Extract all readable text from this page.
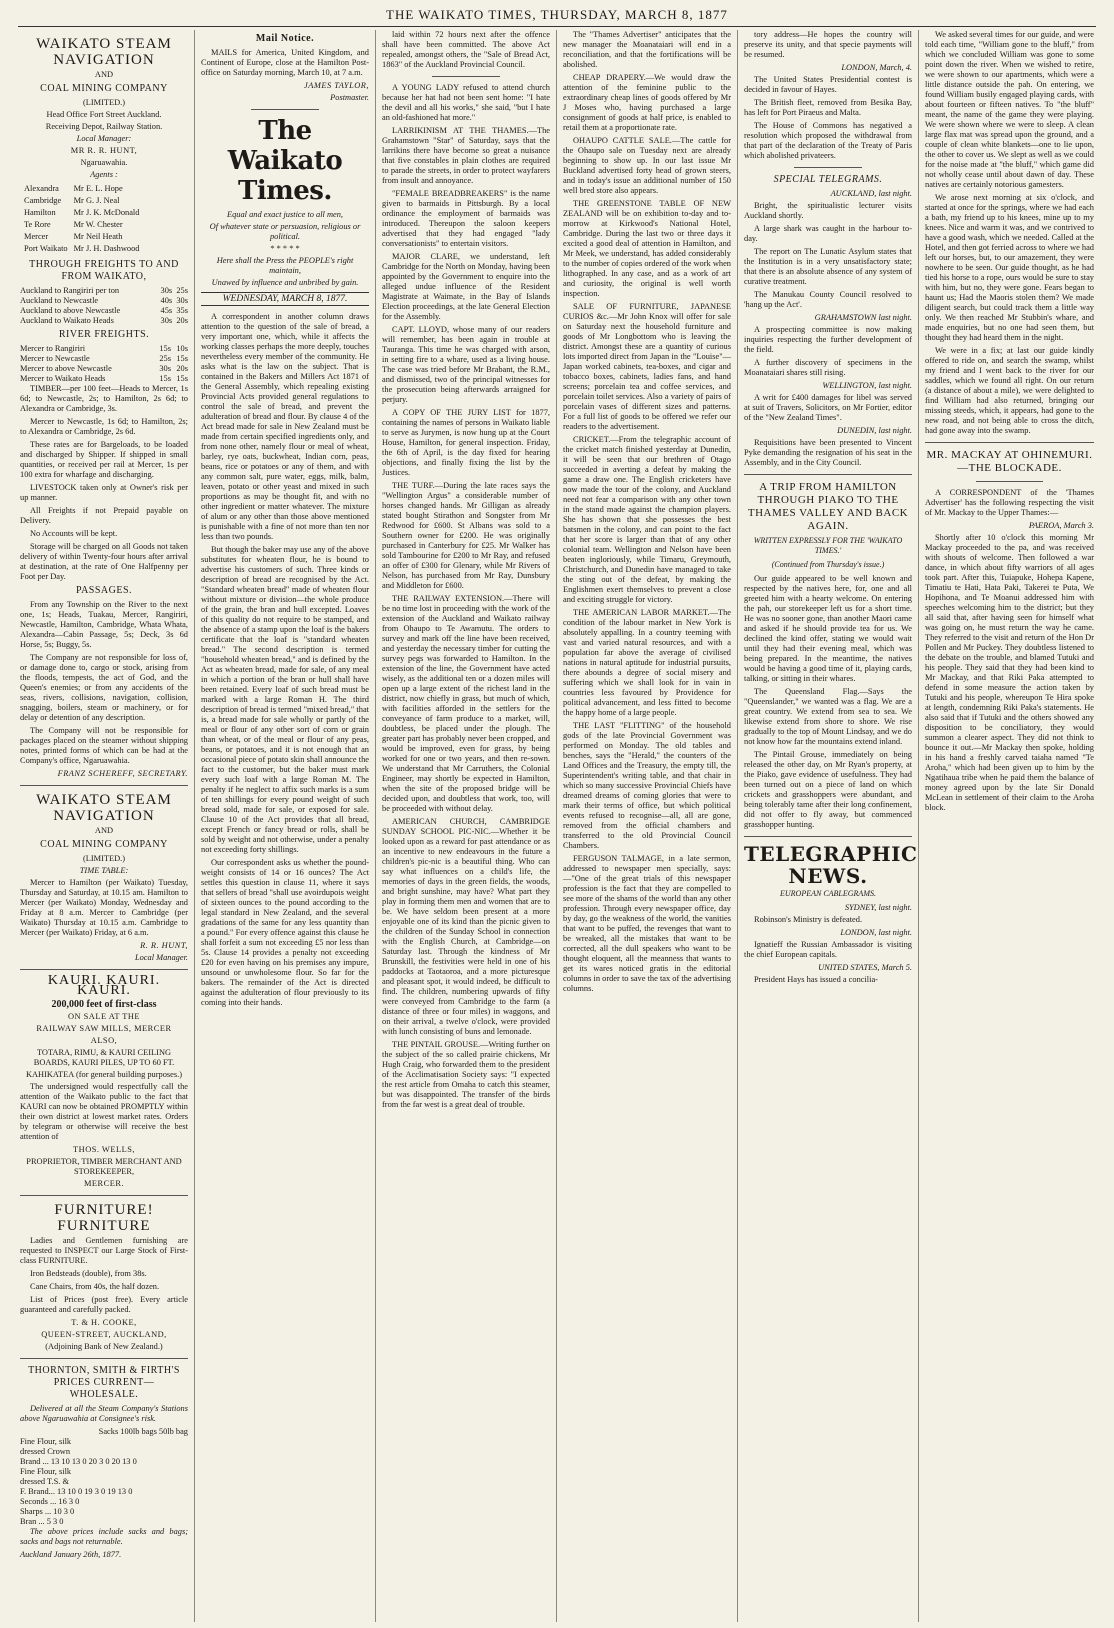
THE WAIKATO TIMES, THURSDAY, MARCH 8, 1877
WAIKATO STEAM NAVIGATION
AND
COAL MINING COMPANY
(LIMITED.)
Head Office Fort Street Auckland.
Receiving Depot, Railway Station.
Local Manager:
MR R. R. HUNT,
Ngaruawahia.
Agents :
Alexandra	Mr E. L. Hope
Cambridge	Mr G. J. Neal
Hamilton	Mr J. K. McDonald
Te Rore	Mr W. Chester
Mercer	Mr Neil Heath
Port Waikato	Mr J. H. Dashwood
THROUGH FREIGHTS TO AND FROM WAIKATO,
Auckland to Rangiriri per ton	30s	25s
Auckland to Newcastle	40s	30s
Auckland to above Newcastle	45s	35s
Auckland to Waikato Heads	30s	20s
RIVER FREIGHTS.
Mercer to Rangiriri	15s	10s
Mercer to Newcastle	25s	15s
Mercer to above Newcastle	30s	20s
Mercer to Waikato Heads	15s	15s

TIMBER—per 100 feet—Heads to Mercer, 1s 6d; to Newcastle, 2s; to Hamilton, 2s 6d; to Alexandra or Cambridge, 3s.

Mercer to Newcastle, 1s 6d; to Hamilton, 2s; to Alexandra or Cambridge, 2s 6d.

These rates are for Bargeloads, to be loaded and discharged by Shipper. If shipped in small quantities, or received per rail at Mercer, 1s per 100 extra for wharfage and discharging.

LIVESTOCK taken only at Owner's risk per up manner.

All Freights if not Prepaid payable on Delivery.

No Accounts will be kept.

Storage will be charged on all Goods not taken delivery of within Twenty-four hours after arrival at destination, at the rate of One Halfpenny per Foot per Day.

PASSAGES.

From any Township on the River to the next one, 1s; Heads, Tuakau, Mercer, Rangiriri, Newcastle, Hamilton, Cambridge, Whata Whata, Alexandra—Cabin Passage, 5s; Deck, 3s 6d Horse, 5s; Buggy, 5s.

The Company are not responsible for loss of, or damage done to, cargo or stock, arising from the floods, tempests, the act of God, and the Queen's enemies; or from any accidents of the seas, rivers, collisions, navigation, collision, snagging, boilers, steam or machinery, or for delay or detention of any description.

The Company will not be responsible for packages placed on the steamer without shipping notes, printed forms of which can be had at the Company's office, Ngaruawahia.

FRANZ SCHEREFF, SECRETARY.
WAIKATO STEAM NAVIGATION
AND
COAL MINING COMPANY
(LIMITED.)
TIME TABLE:

Mercer to Hamilton (per Waikato) Tuesday, Thursday and Saturday, at 10.15 am. Hamilton to Mercer (per Waikato) Monday, Wednesday and Friday at 8 a.m. Mercer to Cambridge (per Waikato) Thursday at 10.15 a.m. Cambridge to Mercer (per Waikato) Friday, at 6 a.m.

R. R. HUNT,
Local Manager.
KAURI. KAURI. KAURI.
200,000 feet of first-class
ON SALE AT THE
RAILWAY SAW MILLS, MERCER
ALSO,
TOTARA, RIMU, & KAURI CEILING BOARDS, KAURI PILES, UP TO 60 FT.
KAHIKATEA (for general building purposes.)

The undersigned would respectfully call the attention of the Waikato public to the fact that KAURI can now be obtained PROMPTLY within their own district at lowest market rates. Orders by telegram or otherwise will receive the best attention of

THOS. WELLS,
PROPRIETOR, TIMBER MERCHANT AND STOREKEEPER,
MERCER.
FURNITURE! FURNITURE

Ladies and Gentlemen furnishing are requested to INSPECT our Large Stock of First-class FURNITURE.

Iron Bedsteads (double), from 38s.

Cane Chairs, from 40s, the half dozen.

List of Prices (post free). Every article guaranteed and carefully packed.

T. & H. COOKE,
QUEEN-STREET, AUCKLAND,
(Adjoining Bank of New Zealand.)
THORNTON, SMITH & FIRTH'S PRICES CURRENT—WHOLESALE.

Delivered at all the Steam Company's Stations above Ngaruawahia at Consignee's risk.

Sacks 100lb bags 50lb bag
Fine Flour, silk
dressed Crown
Brand ... 13 10 13 0 20 3 0 20 13 0
Fine Flour, silk
dressed T.S. &
F. Brand... 13 10 0 19 3 0 19 13 0
Seconds ... 16 3 0
Sharps ... 10 3 0
Bran ... 5 3 0

The above prices include sacks and bags; sacks and bags not returnable.

Auckland January 26th, 1877.
Mail Notice.

MAILS for America, United Kingdom, and Continent of Europe, close at the Hamilton Post-office on Saturday morning, March 10, at 7 a.m.

JAMES TAYLOR,
Postmaster.
The Waikato Times.
Equal and exact justice to all men,
Of whatever state or persuasion, religious or political.
* * * * *
Here shall the Press the PEOPLE's right maintain,
Unawed by influence and unbribed by gain.
WEDNESDAY, MARCH 8, 1877.

A correspondent in another column draws attention to the question of the sale of bread, a very important one, which, while it affects the working classes perhaps the more deeply, touches nevertheless every member of the community. He asks what is the law on the subject. That is contained in the Bakers and Millers Act 1871 of the General Assembly, which repealing existing Provincial Acts provided general regulations to control the sale of bread, and prevent the adulteration of bread and flour. By clause 4 of the Act bread made for sale in New Zealand must be made from certain specified ingredients only, and from none other, namely flour or meal of wheat, barley, rye oats, buckwheat, Indian corn, peas, beans, rice or potatoes or any of them, and with any common salt, pure water, eggs, milk, balm, leaven, potato or other yeast and mixed in such proportions as may be thought fit, and with no other ingredient or matter whatever. The mixture of alum or any other than those above mentioned is punishable with a fine of not more than ten nor less than two pounds.

But though the baker may use any of the above substitutes for wheaten flour, he is bound to advertise his customers of such. Three kinds or description of bread are recognised by the Act. "Standard wheaten bread" made of wheaten flour without mixture or division—the whole produce of the grain, the bran and hull excepted. Loaves of this quality do not require to be stamped, and the absence of a stamp upon the loaf is the bakers certificate that the loaf is "standard wheaten bread." The second description is termed "household wheaten bread," and is defined by the Act as wheaten bread, made for sale, of any meal in which a portion of the bran or hull shall have been retained. Every loaf of such bread must be marked with a large Roman H. The third description of bread is termed "mixed bread," that is, a bread made for sale wholly or partly of the meal or flour of any other sort of corn or grain than wheat, or of the meal or flour of any peas, beans, or potatoes, and it is not enough that an occasional piece of potato skin shall announce the fact to the customer, but the baker must mark every such loaf with a large Roman M. The penalty if he neglect to affix such marks is a sum of ten shillings for every pound weight of such bread sold, made for sale, or exposed for sale. Clause 10 of the Act provides that all bread, except French or fancy bread or rolls, shall be sold by weight and not otherwise, under a penalty not exceeding forty shillings.

Our correspondent asks us whether the pound-weight consists of 14 or 16 ounces? The Act settles this question in clause 11, where it says that sellers of bread "shall use avoirdupois weight of sixteen ounces to the pound according to the legal standard in New Zealand, and the several gradations of the same for any less quantity than a pound." For every offence against this clause he shall forfeit a sum not exceeding £5 nor less than 5s. Clause 14 provides a penalty not exceeding £20 for even having on his premises any impure, unsound or unwholesome flour. So far for the bakers. The remainder of the Act is directed against the adulteration of flour previously to its coming into their hands.

laid within 72 hours next after the offence shall have been committed. The above Act repealed, amongst others, the "Sale of Bread Act, 1863" of the Auckland Provincial Council.

A YOUNG LADY refused to attend church because her hat had not been sent home: "I hate the devil and all his works," she said, "but I hate an old-fashioned hat more."

LARRIKINISM AT THE THAMES.—The Grahamstown "Star" of Saturday, says that the larrikins there have become so great a nuisance that five constables in plain clothes are required to parade the streets, in order to protect wayfarers from insult and annoyance.

"FEMALE BREADBREAKERS" is the name given to barmaids in Pittsburgh. By a local ordinance the employment of barmaids was introduced. Thereupon the saloon keepers advertised that they had engaged "lady conversationists" to entertain visitors.

MAJOR CLARE, we understand, left Cambridge for the North on Monday, having been appointed by the Government to enquire into the alleged undue influence of the Resident Magistrate at Waimate, in the Bay of Islands Election proceedings, at the late General Election for the Assembly.

CAPT. LLOYD, whose many of our readers will remember, has been again in trouble at Tauranga. This time he was charged with arson, in setting fire to a whare, used as a living house. The case was tried before Mr Brabant, the R.M., and dismissed, two of the principal witnesses for the prosecution being afterwards arraigned for perjury.

A COPY OF THE JURY LIST for 1877, containing the names of persons in Waikato liable to serve as Jurymen, is now hung up at the Court House, Hamilton, for general inspection. Friday, the 6th of April, is the day fixed for hearing objections, and finally fixing the list by the Justices.

THE TURF.—During the late races says the "Wellington Argus" a considerable number of horses changed hands. Mr Gilligan as already stated bought Stirathon and Songster from Mr Redwood for £600. St Albans was sold to a Southern owner for £200. He was originally purchased in Canterbury for £25. Mr Walker has sold Tambourine for £200 to Mr Ray, and refused an offer of £300 for Glenary, while Mr Rivers of Nelson, has purchased from Mr Ray, Dunsbury and Middleton for £600.

THE RAILWAY EXTENSION.—There will be no time lost in proceeding with the work of the extension of the Auckland and Waikato railway from Ohaupo to Te Awamutu. The orders to survey and mark off the line have been received, and yesterday the necessary timber for cutting the survey pegs was forwarded to Hamilton. In the extension of the line, the Government have acted wisely, as the additional ten or a dozen miles will open up a large extent of the richest land in the district, now chiefly in grass, but much of which, with facilities afforded in the settlers for the conveyance of farm produce to a market, will, doubtless, be placed under the plough. The greater part has probably never been cropped, and would be improved, even for grass, by being worked for one or two years, and then re-sown. We understand that Mr Carruthers, the Colonial Engineer, may shortly be expected in Hamilton, when the site of the proposed bridge will be decided upon, and doubtless that work, too, will be proceeded with without delay.

AMERICAN CHURCH, CAMBRIDGE SUNDAY SCHOOL PIC-NIC.—Whether it be looked upon as a reward for past attendance or as an incentive to new endeavours in the future a children's pic-nic is a beautiful thing. Who can say what influences on a child's life, the memories of days in the green fields, the woods, and bright sunshine, may have? What part they play in forming them men and women that are to be. We have seldom been present at a more enjoyable one of its kind than the picnic given to the children of the Sunday School in connection with the English Church, at Cambridge—on Saturday last. Through the kindness of Mr Brunskill, the festivities were held in one of his paddocks at Taotaoroa, and a more picturesque and pleasant spot, it would indeed, be difficult to find. The children, numbering upwards of fifty were conveyed from Cambridge to the farm (a distance of three or four miles) in waggons, and on their arrival, a twelve o'clock, were provided with lunch consisting of buns and lemonade.

THE PINTAIL GROUSE.—Writing further on the subject of the so called prairie chickens, Mr Hugh Craig, who forwarded them to the president of the Acclimatisation Society says: "I expected the rest article from Omaha to catch this steamer, but was disappointed. The transfer of the birds from the far west is a great deal of trouble.

The "Thames Advertiser" anticipates that the new manager the Moanataiari will end in a reconciliation, and that the fortifications will be abolished.

CHEAP DRAPERY.—We would draw the attention of the feminine public to the extraordinary cheap lines of goods offered by Mr J Moses who, having purchased a large consignment of goods at half price, is enabled to retail them at a proportionate rate.

OHAUPO CATTLE SALE.—The cattle for the Ohaupo sale on Tuesday next are already beginning to show up. In our last issue Mr Buckland advertised forty head of grown steers, and in today's issue an additional number of 150 well bred store also appears.

THE GREENSTONE TABLE OF NEW ZEALAND will be on exhibition to-day and to-morrow at Kirkwood's National Hotel, Cambridge. During the last two or three days it excited a good deal of attention in Hamilton, and Mr Meek, we understand, has added considerably to the number of copies ordered of the work when lithographed. In any case, and as a work of art and curiosity, the original is well worth inspection.

SALE OF FURNITURE, JAPANESE CURIOS &c.—Mr John Knox will offer for sale on Saturday next the household furniture and goods of Mr Longbottom who is leaving the district. Amongst these are a quantity of curious lots imported direct from Japan in the "Louise"—Japan worked cabinets, tea-boxes, and cigar and tobacco boxes, cabinets, ladies fans, and hand screens; porcelain tea and coffee services, and porcelain toilet services. Also a variety of pairs of porcelain vases of different sizes and patterns. For a full list of goods to be offered we refer our readers to the advertisement.

CRICKET.—From the telegraphic account of the cricket match finished yesterday at Dunedin, it will be seen that our brethren of Otago succeeded in averting a defeat by making the game a draw one. The English cricketers have now made the tour of the colony, and Auckland need not fear a comparison with any other town in the stand made against the champion players. She has shown that she possesses the best batsmen in the colony, and can point to the fact that her score is larger than that of any other colonial team. Wellington and Nelson have been beaten ingloriously, while Timaru, Greymouth, Christchurch, and Dunedin have managed to take the sting out of the defeat, by making the Englishmen exert themselves to prevent a close and exciting struggle for victory.

THE AMERICAN LABOR MARKET.—The condition of the labour market in New York is absolutely appalling. In a country teeming with vast and varied natural resources, and with a population far above the average of civilised nations in natural aptitude for industrial pursuits, there abounds a degree of social misery and suffering which we shall look for in vain in countries less favoured by Providence for political advancement, and less fitted to become the happy home of a large people.

THE LAST "FLITTING" of the household gods of the late Provincial Government was performed on Monday. The old tables and benches, says the "Herald," the counters of the Land Offices and the Treasury, the empty till, the Superintendent's writing table, and that chair in which so many successive Provincial Chiefs have dreamed dreams of coming glories that were to mark their terms of office, but which political events refused to recognise—all, all are gone, removed from the official chambers and transferred to the old Provincial Council Chambers.

FERGUSON TALMAGE, in a late sermon, addressed to newspaper men specially, says:—"One of the great trials of this newspaper profession is the fact that they are compelled to see more of the shams of the world than any other profession. Through every newspaper office, day by day, go the weakness of the world, the vanities that want to be puffed, the revenges that want to be wreaked, all the mistakes that want to be corrected, all the dull speakers who want to be thought eloquent, all the meanness that wants to get its wares noticed gratis in the editorial columns in order to save the tax of the advertising columns.

tory address—He hopes the country will preserve its unity, and that specie payments will be resumed.

LONDON, March, 4.

The United States Presidential contest is decided in favour of Hayes.

The British fleet, removed from Besika Bay, has left for Port Piraeus and Malta.

The House of Commons has negatived a resolution which proposed the withdrawal from that part of the declaration of the Treaty of Paris which abolished privateers.

SPECIAL TELEGRAMS.
AUCKLAND, last night.

Bright, the spiritualistic lecturer visits Auckland shortly.

A large shark was caught in the harbour to-day.

The report on The Lunatic Asylum states that the Institution is in a very unsatisfactory state; that there is an absolute absence of any system of curative treatment.

The Manukau County Council resolved to 'hang up the Act'.

GRAHAMSTOWN last night.

A prospecting committee is now making inquiries respecting the further development of the field.

A further discovery of specimens in the Moanataiari shares still rising.

WELLINGTON, last night.

A writ for £400 damages for libel was served at suit of Travers, Solicitors, on Mr Fortier, editor of the "New Zealand Times".

DUNEDIN, last night.

Requisitions have been presented to Vincent Pyke demanding the resignation of his seat in the Assembly, and in the City Council.

A TRIP FROM HAMILTON THROUGH PIAKO TO THE THAMES VALLEY AND BACK AGAIN.
WRITTEN EXPRESSLY FOR THE 'WAIKATO TIMES.'
(Continued from Thursday's issue.)

Our guide appeared to be well known and respected by the natives here, for, one and all greeted him with a hearty welcome. On entering the pah, our storekeeper left us for a short time. He was no sooner gone, than another Maori came and asked if he should provide tea for us. We declined the kind offer, stating we would wait until they had their evening meal, which was being prepared. In the meantime, the natives would be having a good time of it, playing cards, talking, or sitting in their whares.

The Queensland Flag.—Says the "Queenslander," we wanted was a flag. We are a great country. We extend from sea to sea. We likewise extend from shore to shore. We rise gradually to the top of Mount Lindsay, and we do not know how far the mountains extend inland.

The Pintail Grouse, immediately on being released the other day, on Mr Ryan's property, at the Piako, gave evidence of usefulness. They had been turned out on a piece of land on which crickets and grasshoppers were abundant, and being tolerably tame after their long confinement, did not offer to fly away, but commenced grasshopper hunting.

TELEGRAPHIC NEWS.
EUROPEAN CABLEGRAMS.
SYDNEY, last night.

Robinson's Ministry is defeated.

LONDON, last night.

Ignatieff the Russian Ambassador is visiting the chief European capitals.

UNITED STATES, March 5.

President Hays has issued a concilia-

We asked several times for our guide, and were told each time, "William gone to the bluff," from which we concluded William was gone to some point down the river. When we wished to retire, we were shown to our apartments, which were a little distance outside the pah. On entering, we found William busily engaged playing cards, with about fourteen or fifteen natives. To "the bluff" meant, the name of the game they were playing. We were shown where we were to sleep. A clean large flax mat was spread upon the ground, and a couple of clean white blankets—one to lie upon, the other to cover us. We slept as well as we could for the noise made at "the bluff," which game did not wholly cease until about dawn of day. These natives are certainly notorious gamesters.

We arose next morning at six o'clock, and started at once for the springs, where we had each a bath, my friend up to his knees, mine up to my knees. Nice and warm it was, and we contrived to have a good wash, which we needed. Called at the Hotel, and then got ferried across to where we had left our horses, but, to our amazement, they were nowhere to be seen. Our guide thought, as he had tied his horse to a rope, ours would be sure to stay with him, but no, they were gone. Fears began to haunt us; Had the Maoris stolen them? We made diligent search, but could track them a little way only. We then reached Mr Stubbin's whare, and made enquiries, but no one had seen them, but thought they had heard them in the night.

We were in a fix; at last our guide kindly offered to ride on, and search the swamp, whilst my friend and I went back to the river for our saddles, which we found all right. On our return (a distance of about a mile), we were delighted to find William had also returned, bringing our missing steeds, which, it appears, had gone to the new road, and not being able to cross the ditch, had gone away into the swamp.

MR. MACKAY AT OHINEMURI.—THE BLOCKADE.

A CORRESPONDENT of the 'Thames Advertiser' has the following respecting the visit of Mr. Mackay to the Upper Thames:—

PAEROA, March 3.

Shortly after 10 o'clock this morning Mr Mackay proceeded to the pa, and was received with shouts of welcome. Then followed a war dance, in which about fifty warriors of all ages took part. After this, Tuiapuke, Hohepa Kapene, Timatiu te Hati, Hata Paki, Takerei te Puta, We Hopihona, and Te Moanui addressed him with speeches welcoming him to the district; but they all said that, after having seen for himself what was going on, he must return the way he came. They referred to the visit and return of the Hon Dr Pollen and Mr Puckey. They doubtless listened to the debate on the trouble, and blamed Tutuki and his people. They said that they had been kind to Mr Mackay, and that Riki Paka attempted to defend in some measure the action taken by Tutuki and his people, whereupon Te Hira spoke at length, condemning Riki Paka's statements. He also said that if Tutuki and the others showed any disposition to be conciliatory, they would summon a clearer aspect. They did not think to bounce it out.—Mr Mackay then spoke, holding in his hand a freshly carved taiaha named "Te Aroha," which had been given up to him by the Ngatihaua tribe when he paid them the balance of money agreed upon by the late Sir Donald McLean in settlement of their claim to the Aroha block.
